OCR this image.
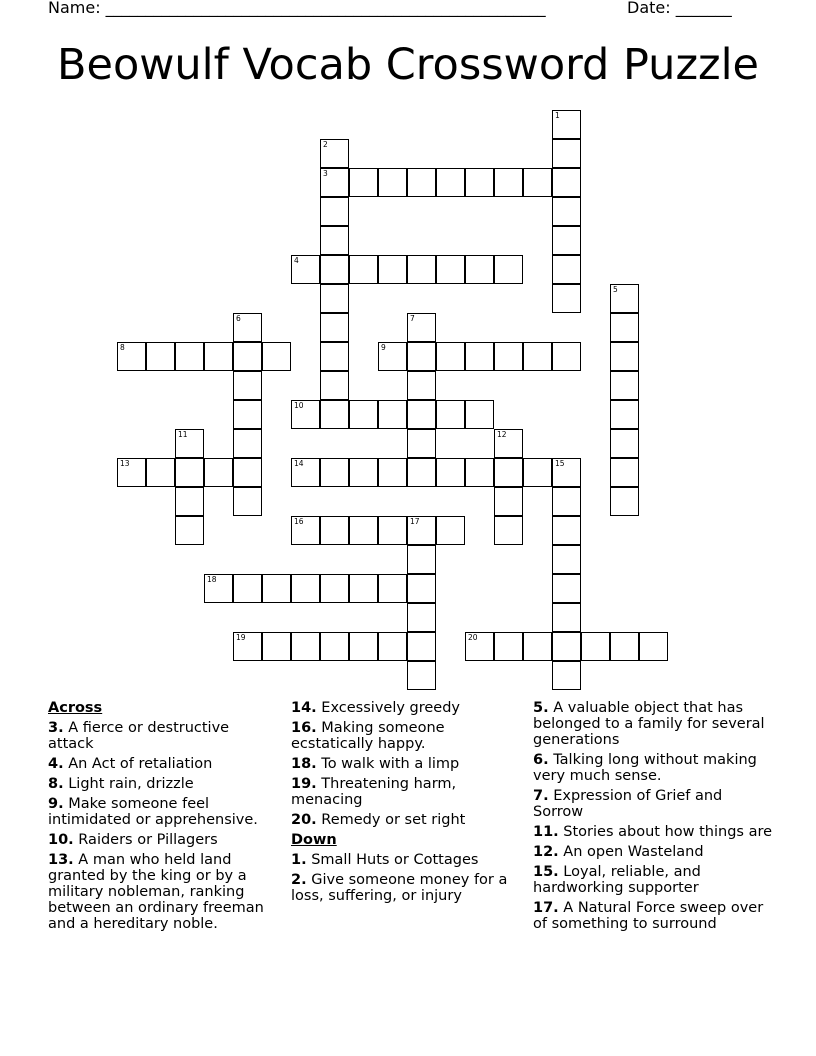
Name: _______________________________________________________	Date: _______
Beowulf Vocab Crossword Puzzle
1
2
3
4
5
6	7
8	9
10
11	12
13	14	15
16	17
18
19	20
Across

3. A fierce or destructive attack

4. An Act of retaliation

8. Light rain, drizzle

9. Make someone feel intimidated or apprehensive.

10. Raiders or Pillagers

13. A man who held land granted by the king or by a military nobleman, ranking between an ordinary freeman and a hereditary noble.

14. Excessively greedy

16. Making someone ecstatically happy.

18. To walk with a limp

19. Threatening harm, menacing

20. Remedy or set right

Down

1. Small Huts or Cottages

2. Give someone money for a loss, suffering, or injury

5. A valuable object that has belonged to a family for several generations

6. Talking long without making very much sense.

7. Expression of Grief and Sorrow

11. Stories about how things are

12. An open Wasteland

15. Loyal, reliable, and hardworking supporter

17. A Natural Force sweep over of something to surround
